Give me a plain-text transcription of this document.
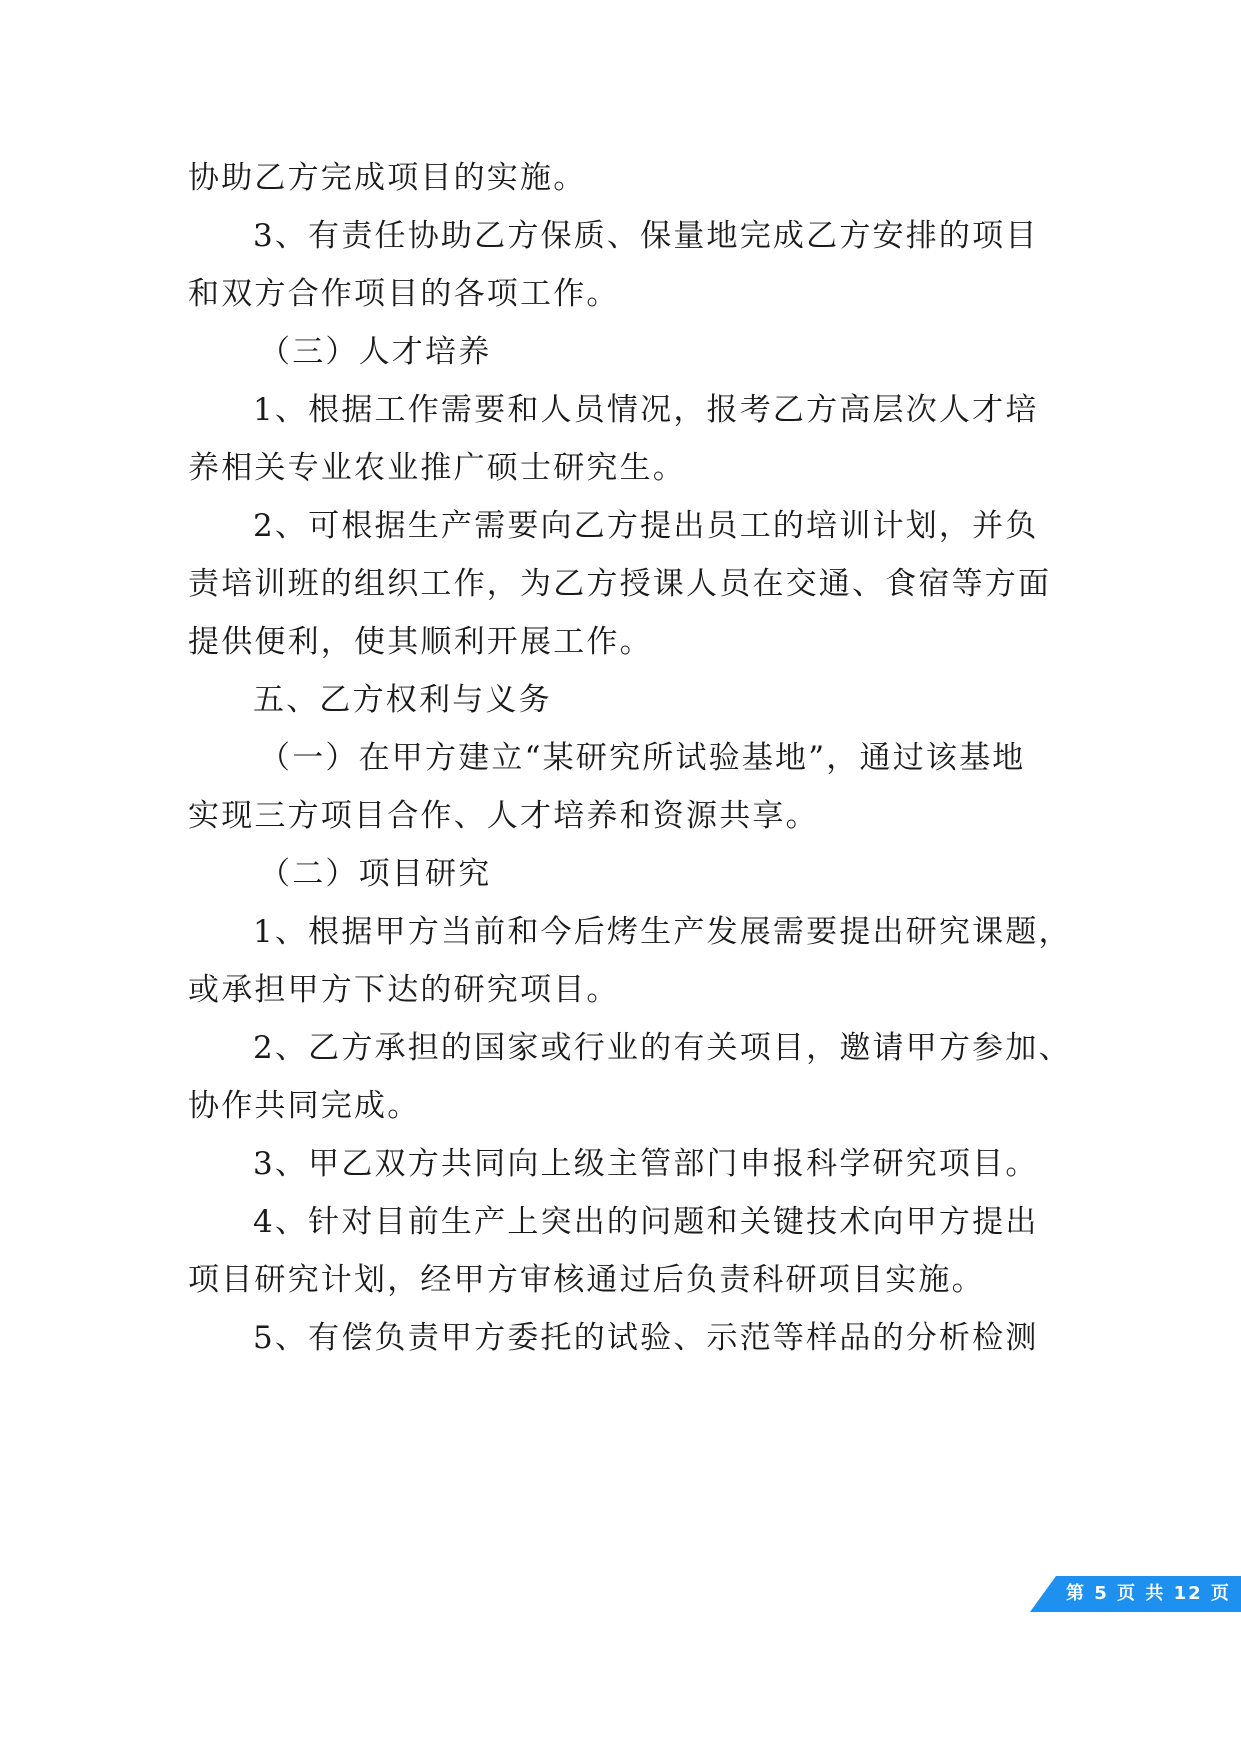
协助乙方完成项目的实施。
3、有责任协助乙方保质、保量地完成乙方安排的项目
和双方合作项目的各项工作。
（三）人才培养
1、根据工作需要和人员情况，报考乙方高层次人才培
养相关专业农业推广硕士研究生。
2、可根据生产需要向乙方提出员工的培训计划，并负
责培训班的组织工作，为乙方授课人员在交通、食宿等方面
提供便利，使其顺利开展工作。
五、乙方权利与义务
（一）在甲方建立“某研究所试验基地”，通过该基地
实现三方项目合作、人才培养和资源共享。
（二）项目研究
1、根据甲方当前和今后烤生产发展需要提出研究课题，
或承担甲方下达的研究项目。
2、乙方承担的国家或行业的有关项目，邀请甲方参加、
协作共同完成。
3、甲乙双方共同向上级主管部门申报科学研究项目。
4、针对目前生产上突出的问题和关键技术向甲方提出
项目研究计划，经甲方审核通过后负责科研项目实施。
5、有偿负责甲方委托的试验、示范等样品的分析检测
第 5 页 共 12 页
